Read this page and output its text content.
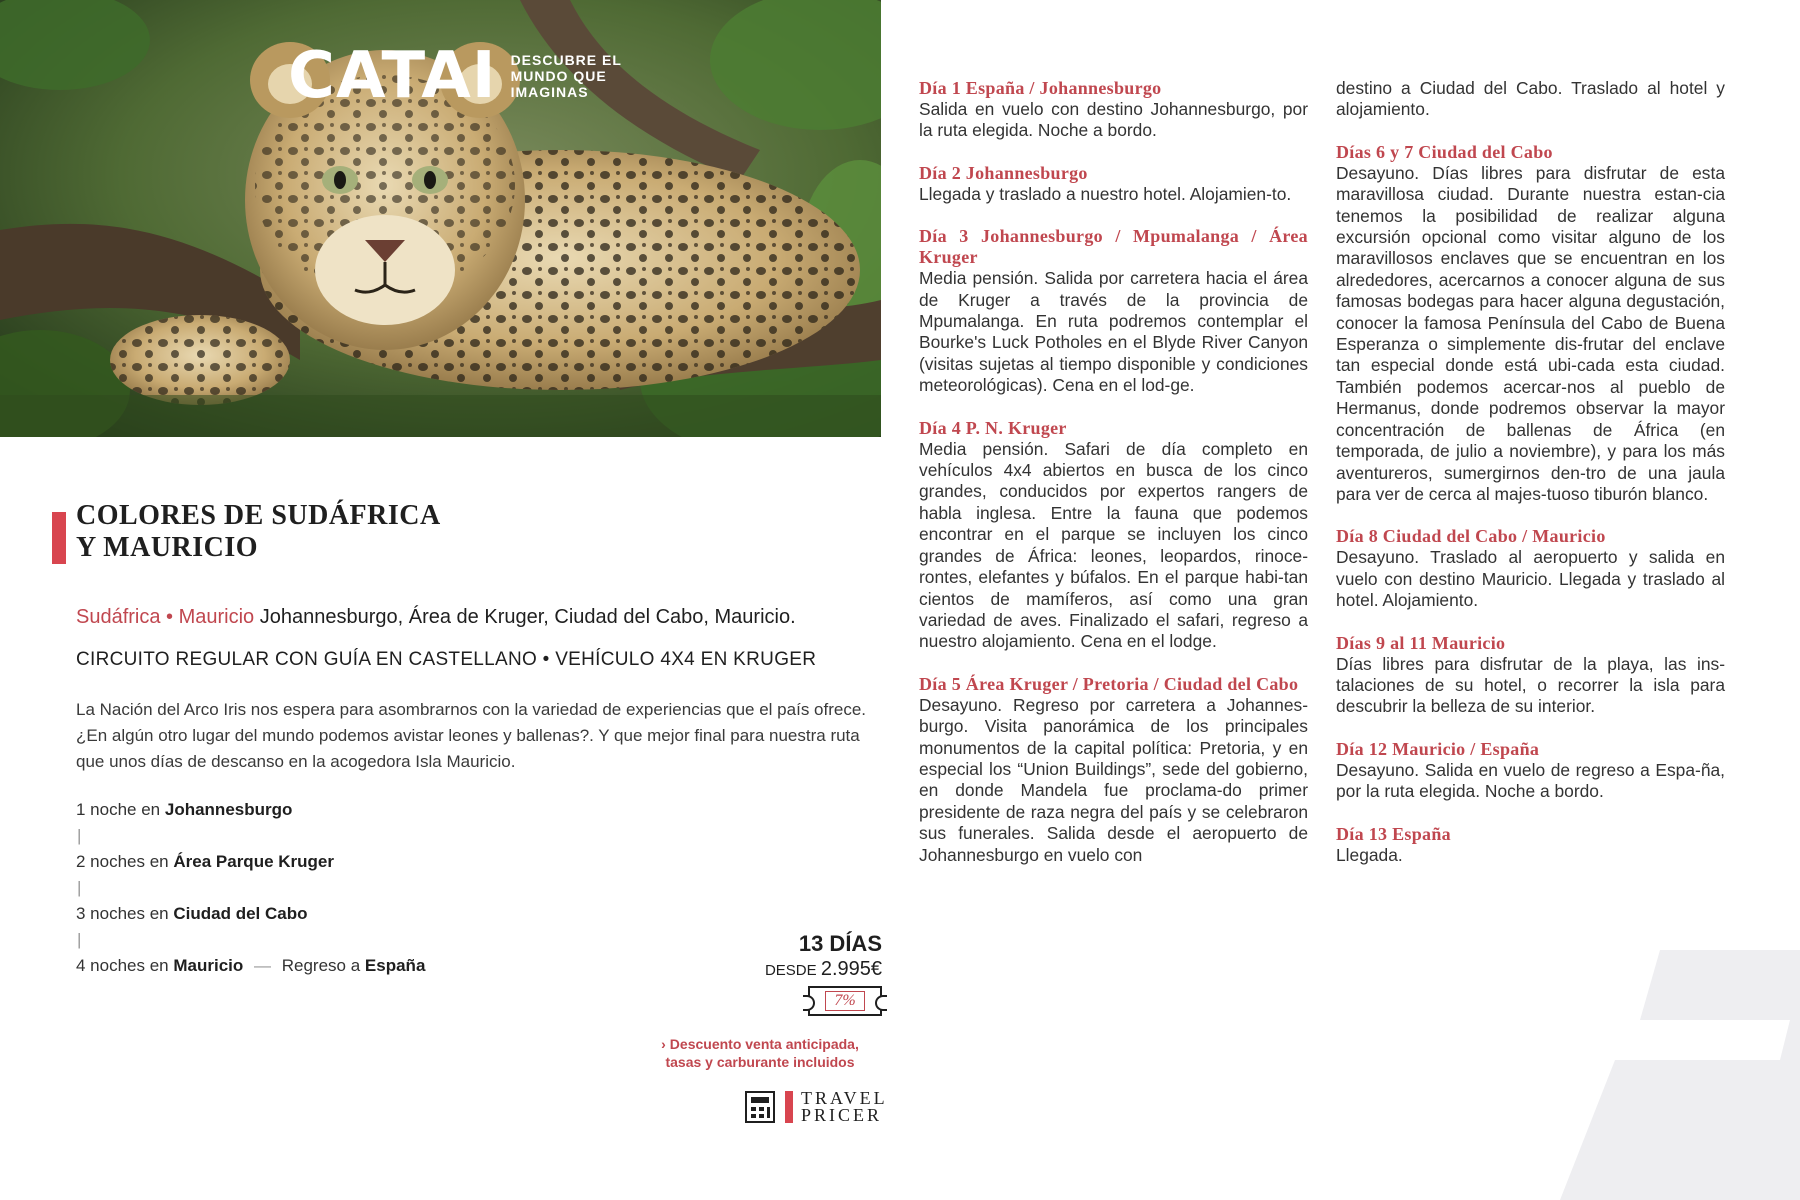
CATAI DESCUBRE EL MUNDO QUE IMAGINAS
COLORES DE SUDÁFRICA
Y MAURICIO
Sudáfrica • Mauricio Johannesburgo, Área de Kruger, Ciudad del Cabo, Mauricio.
CIRCUITO REGULAR CON GUÍA EN CASTELLANO • VEHÍCULO 4X4 EN KRUGER

La Nación del Arco Iris nos espera para asombrarnos con la variedad de experiencias que el país ofrece. ¿En algún otro lugar del mundo podemos avistar leones y ballenas?. Y que mejor final para nuestra ruta que unos días de descanso en la acogedora Isla Mauricio.

1 noche en Johannesburgo
|
2 noches en Área Parque Kruger
|
3 noches en Ciudad del Cabo
|
4 noches en Mauricio — Regreso a España
13 DÍAS
DESDE 2.995€
7%
› Descuento venta anticipada,
tasas y carburante incluidos
TRAVEL
PRICER
Día 1 España / Johannesburgo

Salida en vuelo con destino Johannesburgo, por la ruta elegida. Noche a bordo.

Día 2 Johannesburgo

Llegada y traslado a nuestro hotel. Alojamien-to.

Día 3 Johannesburgo / Mpumalanga / Área Kruger

Media pensión. Salida por carretera hacia el área de Kruger a través de la provincia de Mpumalanga. En ruta podremos contemplar el Bourke's Luck Potholes en el Blyde River Canyon (visitas sujetas al tiempo disponible y condiciones meteorológicas). Cena en el lod-ge.

Día 4 P. N. Kruger

Media pensión. Safari de día completo en vehículos 4x4 abiertos en busca de los cinco grandes, conducidos por expertos rangers de habla inglesa. Entre la fauna que podemos encontrar en el parque se incluyen los cinco grandes de África: leones, leopardos, rinoce-rontes, elefantes y búfalos. En el parque habi-tan cientos de mamíferos, así como una gran variedad de aves. Finalizado el safari, regreso a nuestro alojamiento. Cena en el lodge.

Día 5 Área Kruger / Pretoria / Ciudad del Cabo

Desayuno. Regreso por carretera a Johannes-burgo. Visita panorámica de los principales monumentos de la capital política: Pretoria, y en especial los “Union Buildings”, sede del gobierno, en donde Mandela fue proclama-do primer presidente de raza negra del país y se celebraron sus funerales. Salida desde el aeropuerto de Johannesburgo en vuelo con

destino a Ciudad del Cabo. Traslado al hotel y alojamiento.

Días 6 y 7 Ciudad del Cabo

Desayuno. Días libres para disfrutar de esta maravillosa ciudad. Durante nuestra estan-cia tenemos la posibilidad de realizar alguna excursión opcional como visitar alguno de los maravillosos enclaves que se encuentran en los alrededores, acercarnos a conocer alguna de sus famosas bodegas para hacer alguna degustación, conocer la famosa Península del Cabo de Buena Esperanza o simplemente dis-frutar del enclave tan especial donde está ubi-cada esta ciudad. También podemos acercar-nos al pueblo de Hermanus, donde podremos observar la mayor concentración de ballenas de África (en temporada, de julio a noviembre), y para los más aventureros, sumergirnos den-tro de una jaula para ver de cerca al majes-tuoso tiburón blanco.

Día 8 Ciudad del Cabo / Mauricio

Desayuno. Traslado al aeropuerto y salida en vuelo con destino Mauricio. Llegada y traslado al hotel. Alojamiento.

Días 9 al 11 Mauricio

Días libres para disfrutar de la playa, las ins-talaciones de su hotel, o recorrer la isla para descubrir la belleza de su interior.

Día 12 Mauricio / España

Desayuno. Salida en vuelo de regreso a Espa-ña, por la ruta elegida. Noche a bordo.

Día 13 España

Llegada.
